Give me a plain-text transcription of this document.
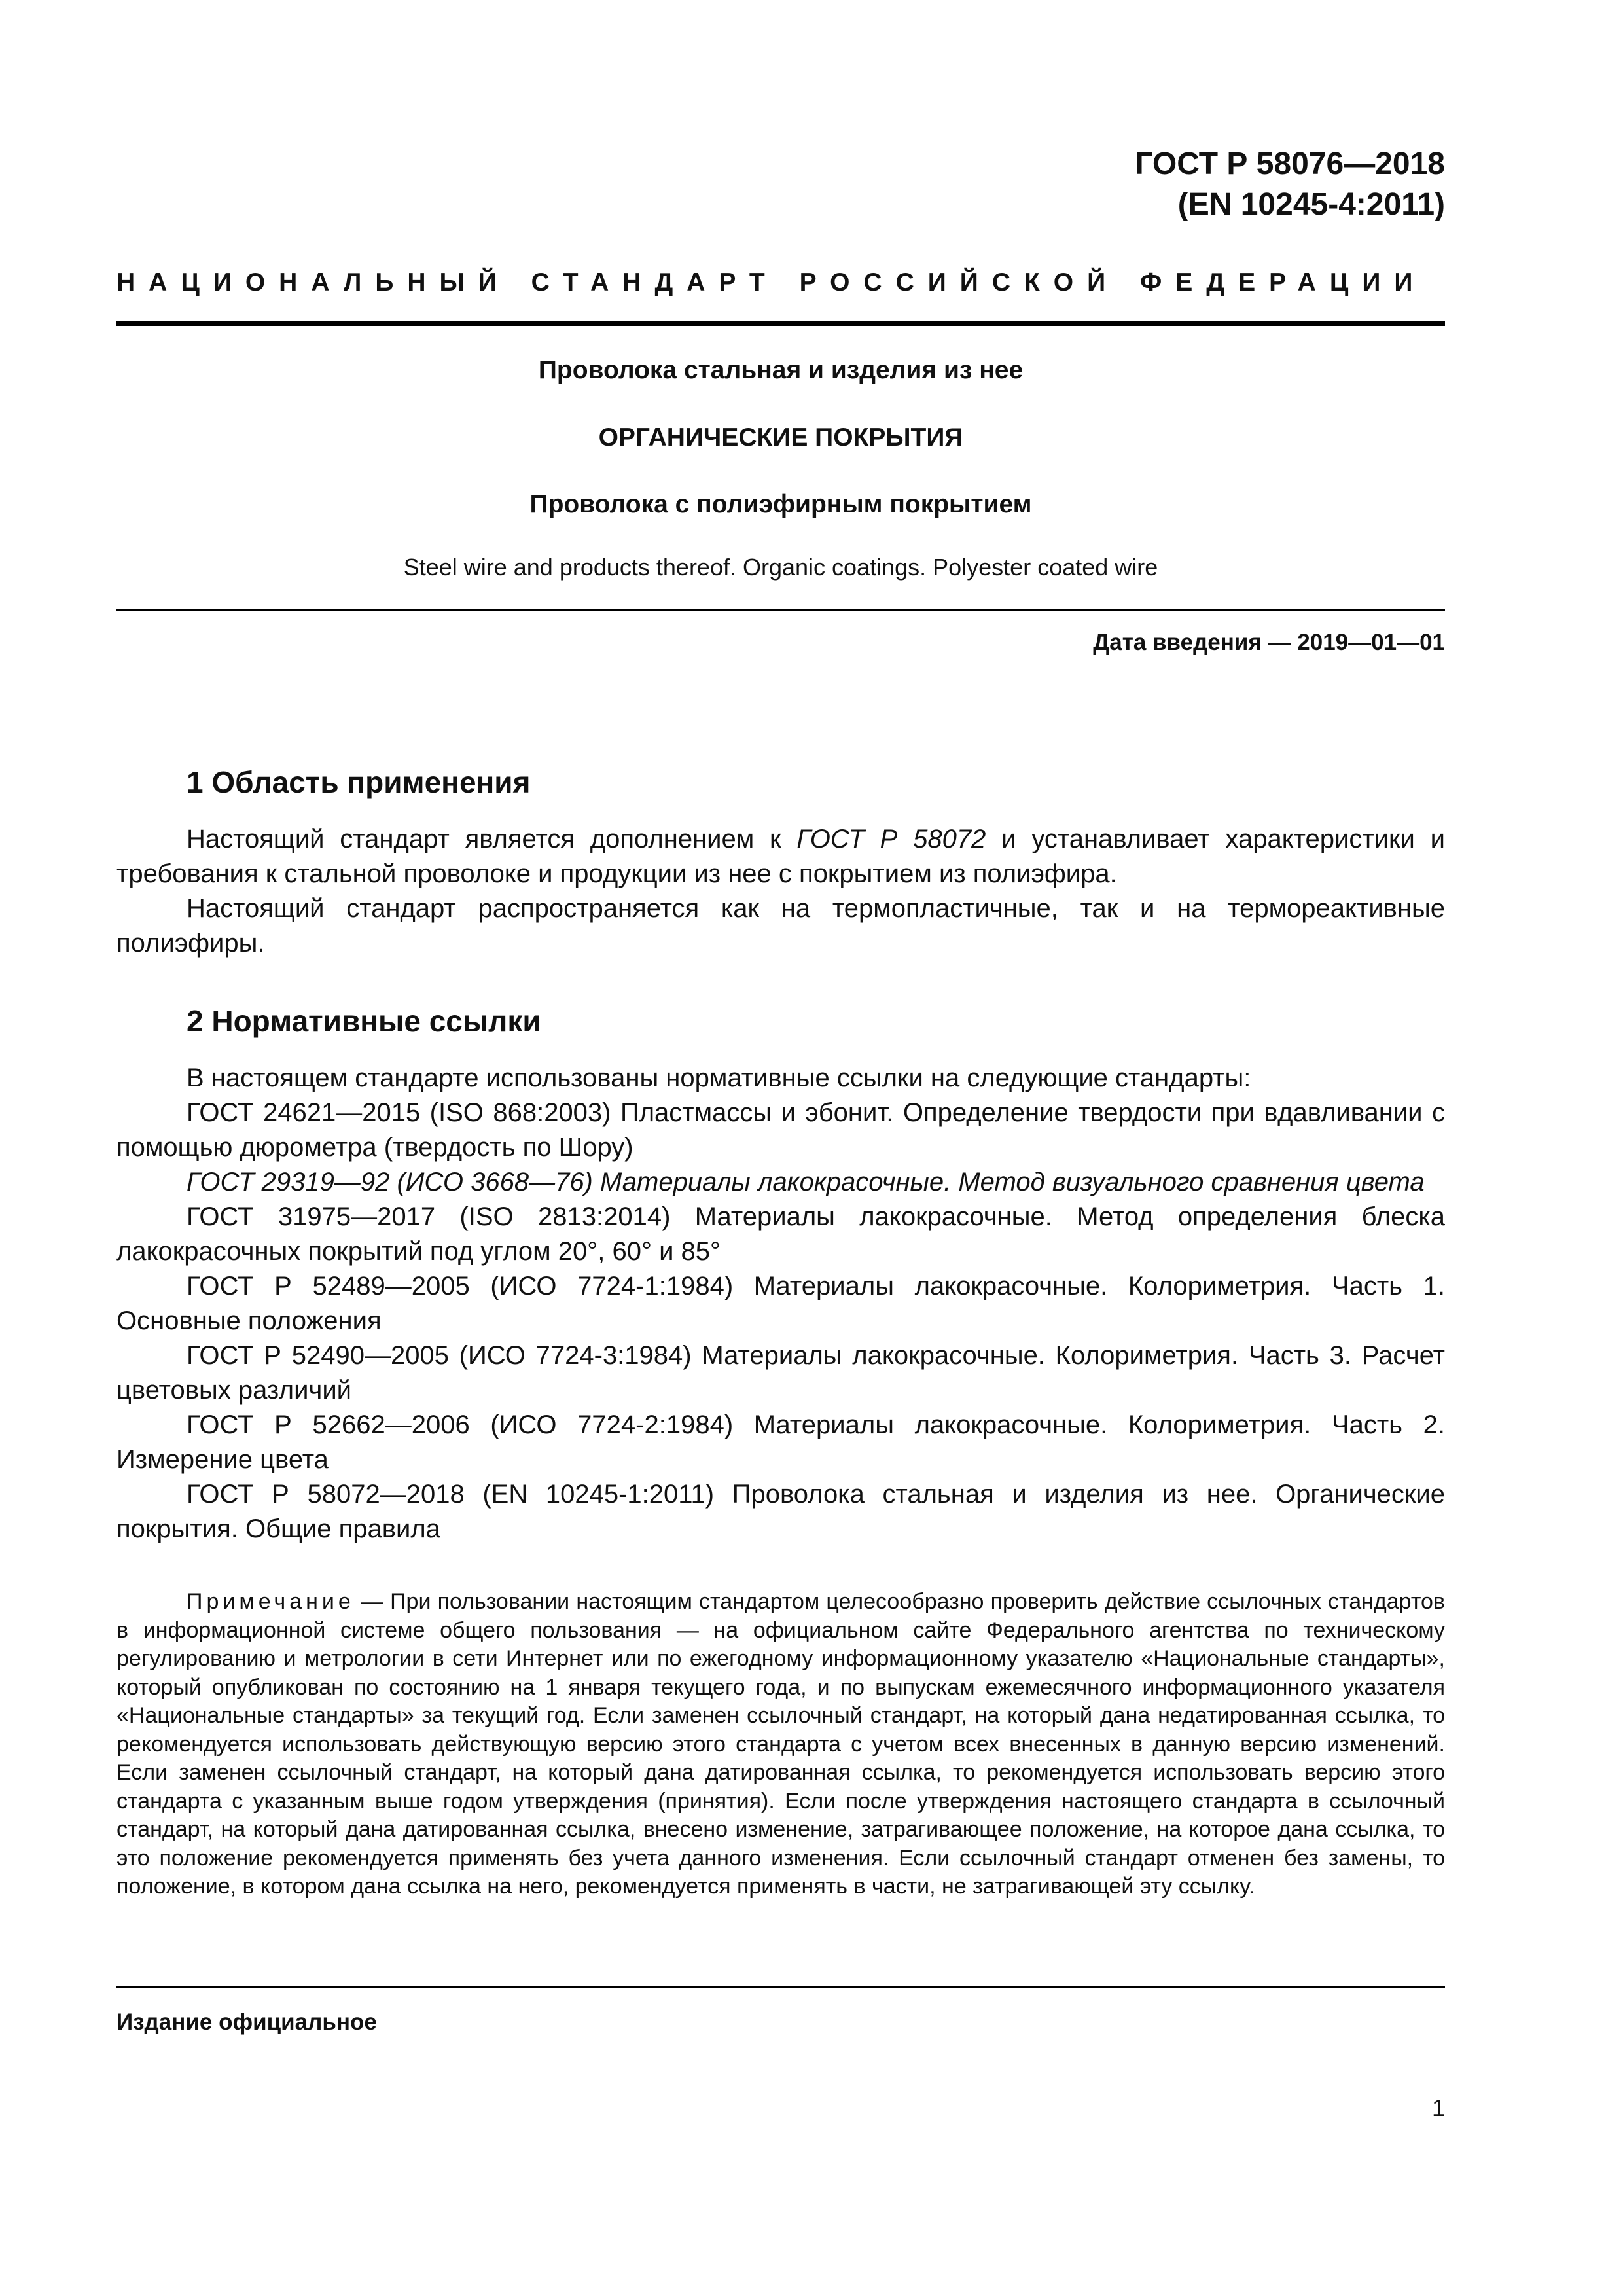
ГОСТ Р 58076—2018
(EN 10245-4:2011)
НАЦИОНАЛЬНЫЙ СТАНДАРТ РОССИЙСКОЙ ФЕДЕРАЦИИ
Проволока стальная и изделия из нее
ОРГАНИЧЕСКИЕ ПОКРЫТИЯ
Проволока с полиэфирным покрытием
Steel wire and products thereof. Organic coatings. Polyester coated wire
Дата введения — 2019—01—01
1 Область применения

Настоящий стандарт является дополнением к ГОСТ Р 58072 и устанавливает характеристики и требования к стальной проволоке и продукции из нее с покрытием из полиэфира.

Настоящий стандарт распространяется как на термопластичные, так и на термореактивные полиэфиры.

2 Нормативные ссылки

В настоящем стандарте использованы нормативные ссылки на следующие стандарты:

ГОСТ 24621—2015 (ISO 868:2003) Пластмассы и эбонит. Определение твердости при вдавливании с помощью дюрометра (твердость по Шору)

ГОСТ 29319—92 (ИСО 3668—76) Материалы лакокрасочные. Метод визуального сравнения цвета

ГОСТ 31975—2017 (ISO 2813:2014) Материалы лакокрасочные. Метод определения блеска лакокрасочных покрытий под углом 20°, 60° и 85°

ГОСТ Р 52489—2005 (ИСО 7724-1:1984) Материалы лакокрасочные. Колориметрия. Часть 1. Основные положения

ГОСТ Р 52490—2005 (ИСО 7724-3:1984) Материалы лакокрасочные. Колориметрия. Часть 3. Расчет цветовых различий

ГОСТ Р 52662—2006 (ИСО 7724-2:1984) Материалы лакокрасочные. Колориметрия. Часть 2. Измерение цвета

ГОСТ Р 58072—2018 (EN 10245-1:2011) Проволока стальная и изделия из нее. Органические покрытия. Общие правила

Примечание — При пользовании настоящим стандартом целесообразно проверить действие ссылочных стандартов в информационной системе общего пользования — на официальном сайте Федерального агентства по техническому регулированию и метрологии в сети Интернет или по ежегодному информационному указателю «Национальные стандарты», который опубликован по состоянию на 1 января текущего года, и по выпускам ежемесячного информационного указателя «Национальные стандарты» за текущий год. Если заменен ссылочный стандарт, на который дана недатированная ссылка, то рекомендуется использовать действующую версию этого стандарта с учетом всех внесенных в данную версию изменений. Если заменен ссылочный стандарт, на который дана датированная ссылка, то рекомендуется использовать версию этого стандарта с указанным выше годом утверждения (принятия). Если после утверждения настоящего стандарта в ссылочный стандарт, на который дана датированная ссылка, внесено изменение, затрагивающее положение, на которое дана ссылка, то это положение рекомендуется применять без учета данного изменения. Если ссылочный стандарт отменен без замены, то положение, в котором дана ссылка на него, рекомендуется применять в части, не затрагивающей эту ссылку.

Издание официальное
1
